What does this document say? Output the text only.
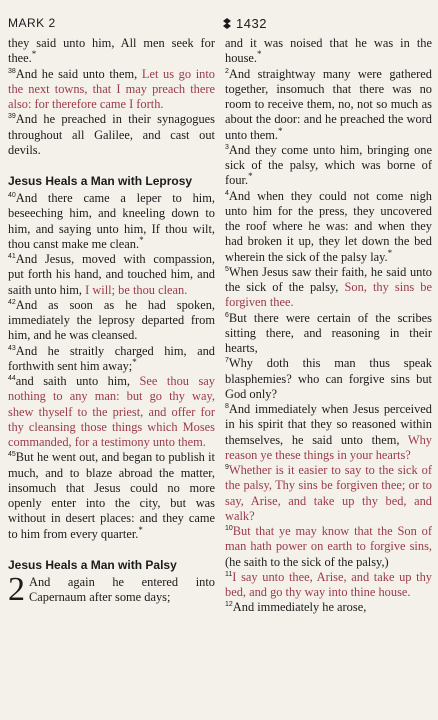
MARK 2	1432

they said unto him, All men seek for thee.*

$^{38}$And he said unto them, Let us go into the next towns, that I may preach there also: for therefore came I forth.

$^{39}$And he preached in their synagogues throughout all Galilee, and cast out devils.

Jesus Heals a Man with Leprosy

$^{40}$And there came a leper to him, beseeching him, and kneeling down to him, and saying unto him, If thou wilt, thou canst make me clean.*

$^{41}$And Jesus, moved with compassion, put forth his hand, and touched him, and saith unto him, I will; be thou clean.

$^{42}$And as soon as he had spoken, immediately the leprosy departed from him, and he was cleansed.

$^{43}$And he straitly charged him, and forthwith sent him away;*

$^{44}$and saith unto him, See thou say nothing to any man: but go thy way, shew thyself to the priest, and offer for thy cleansing those things which Moses commanded, for a testimony unto them.

$^{45}$But he went out, and began to publish it much, and to blaze abroad the matter, insomuch that Jesus could no more openly enter into the city, but was without in desert places: and they came to him from every quarter.*

Jesus Heals a Man with Palsy

2 And again he entered into Capernaum after some days;

and it was noised that he was in the house.*

$^2$And straightway many were gathered together, insomuch that there was no room to receive them, no, not so much as about the door: and he preached the word unto them.*

$^3$And they come unto him, bringing one sick of the palsy, which was borne of four.*

$^4$And when they could not come nigh unto him for the press, they uncovered the roof where he was: and when they had broken it up, they let down the bed wherein the sick of the palsy lay.*

$^5$When Jesus saw their faith, he said unto the sick of the palsy, Son, thy sins be forgiven thee.

$^6$But there were certain of the scribes sitting there, and reasoning in their hearts,

$^7$Why doth this man thus speak blasphemies? who can forgive sins but God only?

$^8$And immediately when Jesus perceived in his spirit that they so reasoned within themselves, he said unto them, Why reason ye these things in your hearts?

$^9$Whether is it easier to say to the sick of the palsy, Thy sins be forgiven thee; or to say, Arise, and take up thy bed, and walk?

$^{10}$But that ye may know that the Son of man hath power on earth to forgive sins, (he saith to the sick of the palsy,)

$^{11}$I say unto thee, Arise, and take up thy bed, and go thy way into thine house.

$^{12}$And immediately he arose,
